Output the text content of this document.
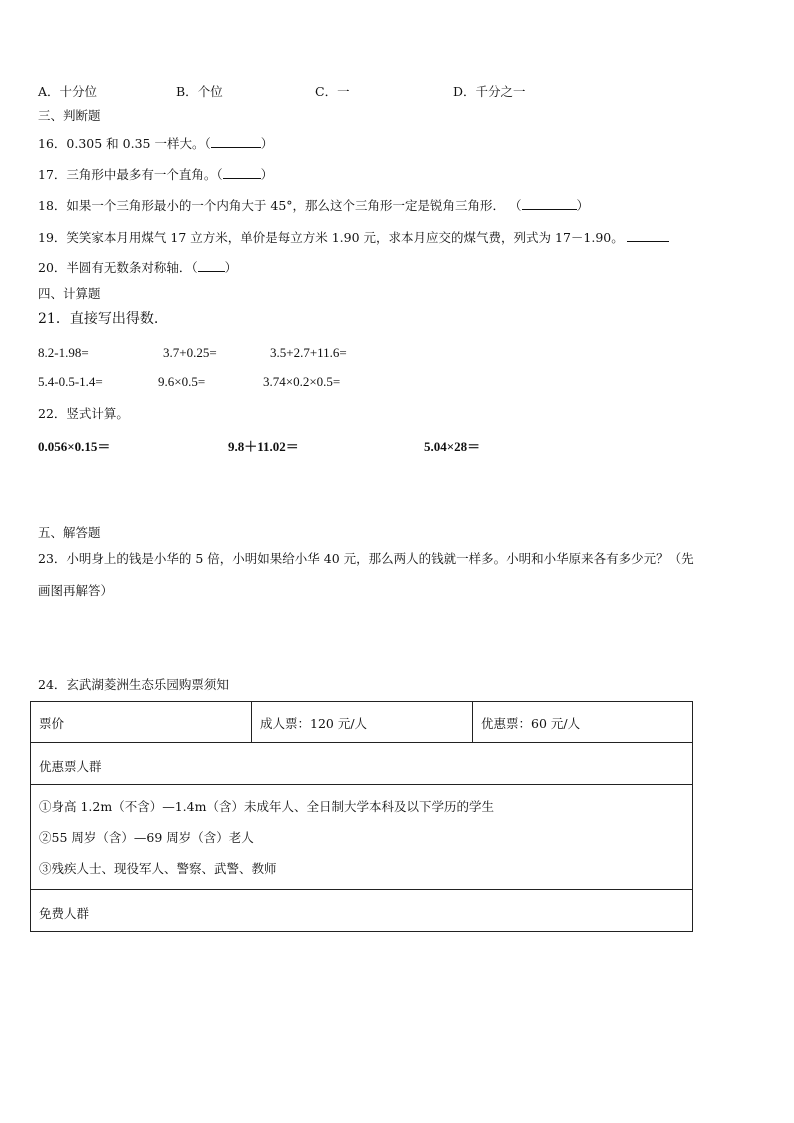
A．十分位	B．个位	C．一	D．千分之一
三、判断题
16．0.305 和 0.35 一样大。（	）
17．三角形中最多有一个直角。（	）
18．如果一个三角形最小的一个内角大于 45°，那么这个三角形一定是锐角三角形． （	）
19．笑笑家本月用煤气 17 立方米，单价是每立方米 1.90 元，求本月应交的煤气费，列式为 17－1.90。
20．半圆有无数条对称轴．（ ）
四、计算题
21．直接写出得数.
8.2-1.98=	3.7+0.25=	3.5+2.7+11.6=
5.4-0.5-1.4=	9.6×0.5=	3.74×0.2×0.5=
22．竖式计算。
0.056×0.15＝	9.8＋11.02＝	5.04×28＝
五、解答题
23．小明身上的钱是小华的 5 倍，小明如果给小华 40 元，那么两人的钱就一样多。小明和小华原来各有多少元？（先
画图再解答）
24．玄武湖菱洲生态乐园购票须知
票价	成人票：120 元/人	优惠票：60 元/人
优惠票人群
①身高 1.2m（不含）—1.4m（含）未成年人、全日制大学本科及以下学历的学生
②55 周岁（含）—69 周岁（含）老人
③残疾人士、现役军人、警察、武警、教师
免费人群
